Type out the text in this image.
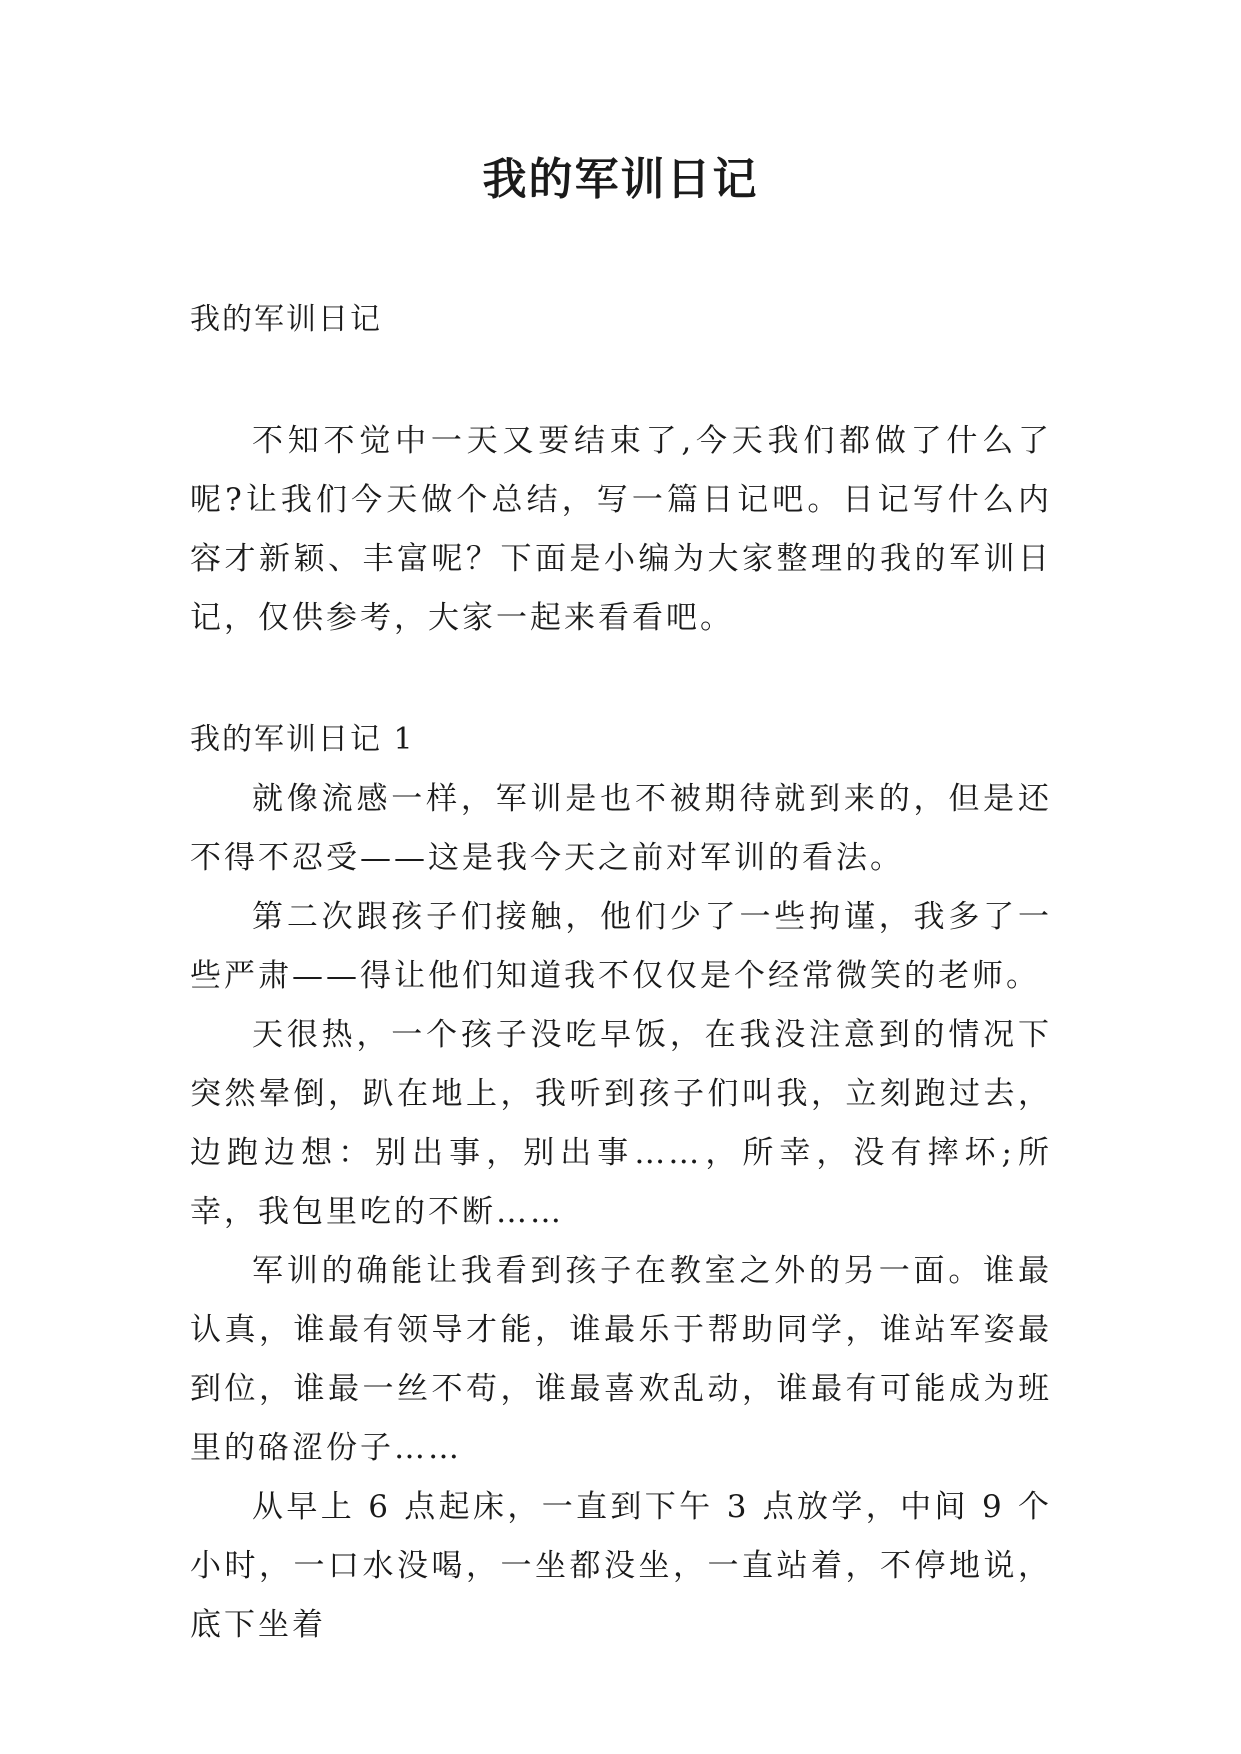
我的军训日记

我的军训日记

不知不觉中一天又要结束了,今天我们都做了什么了呢?让我们今天做个总结，写一篇日记吧。日记写什么内容才新颖、丰富呢？下面是小编为大家整理的我的军训日记，仅供参考，大家一起来看看吧。

我的军训日记 1

就像流感一样，军训是也不被期待就到来的，但是还不得不忍受——这是我今天之前对军训的看法。

第二次跟孩子们接触，他们少了一些拘谨，我多了一些严肃——得让他们知道我不仅仅是个经常微笑的老师。

天很热，一个孩子没吃早饭，在我没注意到的情况下突然晕倒，趴在地上，我听到孩子们叫我，立刻跑过去，边跑边想：别出事，别出事……，所幸，没有摔坏;所幸，我包里吃的不断……

军训的确能让我看到孩子在教室之外的另一面。谁最认真，谁最有领导才能，谁最乐于帮助同学，谁站军姿最到位，谁最一丝不苟，谁最喜欢乱动，谁最有可能成为班里的硌涩份子……

从早上 6 点起床，一直到下午 3 点放学，中间 9 个小时，一口水没喝，一坐都没坐，一直站着，不停地说，底下坐着
